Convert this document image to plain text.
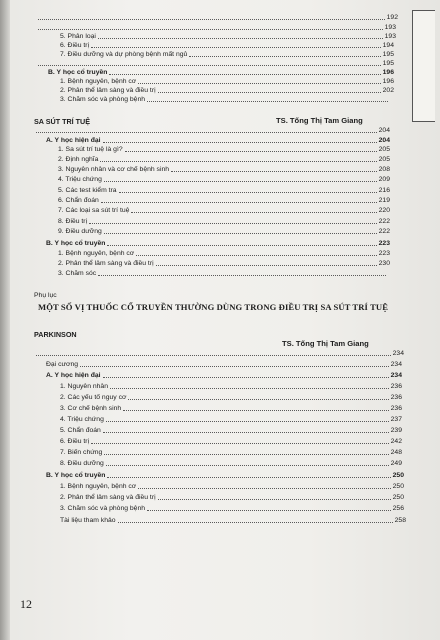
192
193
5. Phân loại	193
6. Điều trị	194
7. Điều dưỡng và dự phòng bệnh mất ngủ	195
195
B. Y học cổ truyền	196
1. Bệnh nguyên, bệnh cơ	196
2. Phân thể lâm sàng và điều trị	202
3. Chăm sóc và phòng bệnh
SA SÚT TRÍ TUỆ	TS. Tống Thị Tam Giang
204
A. Y học hiện đại	204
1. Sa sút trí tuệ là gì?	205
2. Định nghĩa	205
3. Nguyên nhân và cơ chế bệnh sinh	208
4. Triệu chứng	209
5. Các test kiểm tra	216
6. Chẩn đoán	219
7. Các loại sa sút trí tuệ	220
8. Điều trị	222
9. Điều dưỡng	222
B. Y học cổ truyền	223
1. Bệnh nguyên, bệnh cơ	223
2. Phân thể lâm sàng và điều trị	230
3. Chăm sóc
Phụ lục
MỘT SỐ VỊ THUỐC CỔ TRUYỀN THƯỜNG DÙNG TRONG ĐIỀU TRỊ SA SÚT TRÍ TUỆ
PARKINSON
TS. Tống Thị Tam Giang
234
Đại cương	234
A. Y học hiện đại	234
1. Nguyên nhân	236
2. Các yếu tố nguy cơ	236
3. Cơ chế bệnh sinh	236
4. Triệu chứng	237
5. Chẩn đoán	239
6. Điều trị	242
7. Biến chứng	248
8. Điều dưỡng	249
B. Y học cổ truyền	250
1. Bệnh nguyên, bệnh cơ	250
2. Phân thể lâm sàng và điều trị	250
3. Chăm sóc và phòng bệnh	256
Tài liệu tham khảo	258
12
